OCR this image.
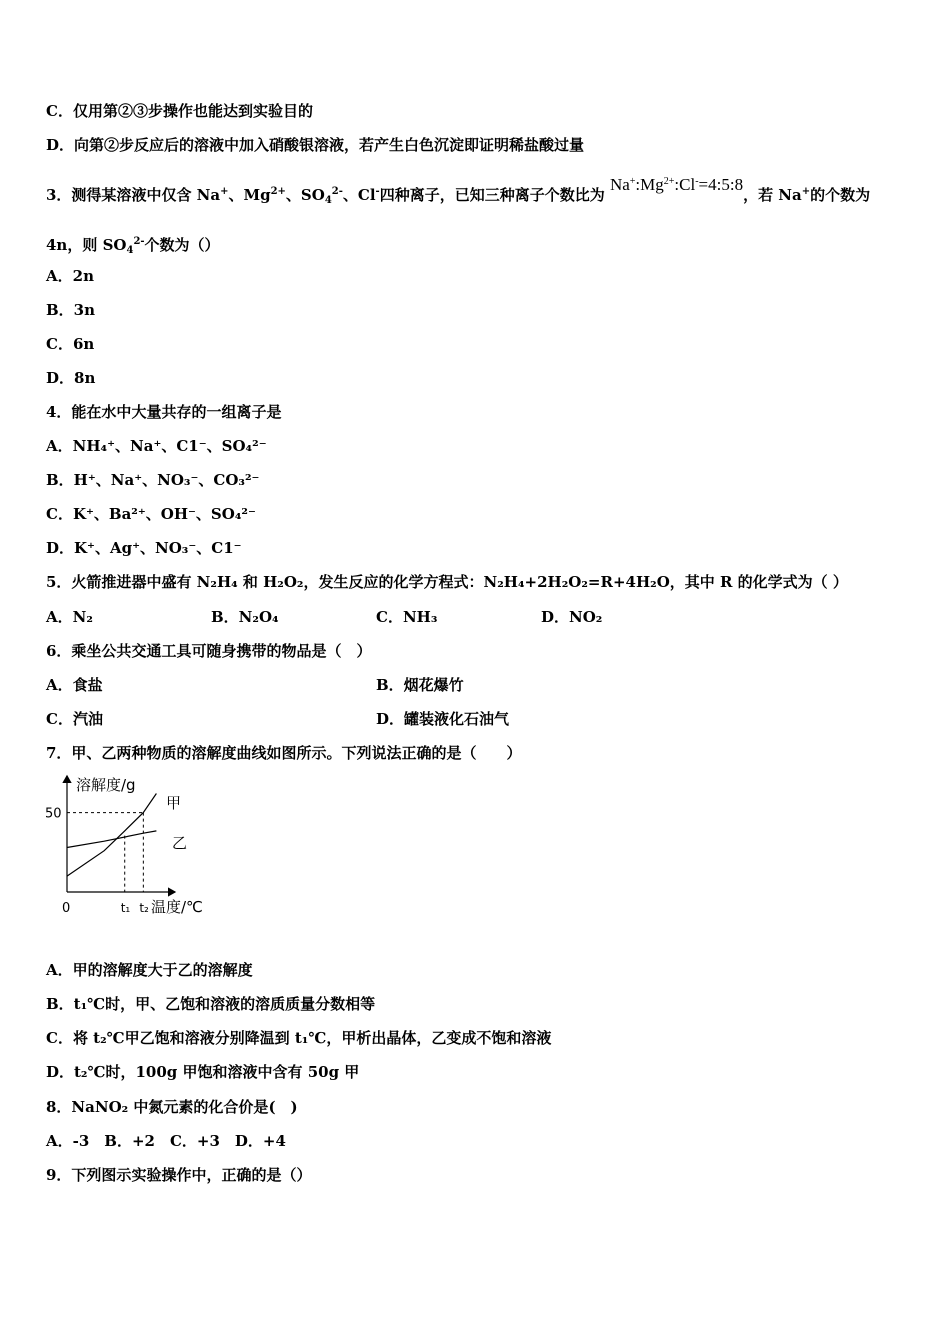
C．仅用第②③步操作也能达到实验目的
D．向第②步反应后的溶液中加入硝酸银溶液，若产生白色沉淀即证明稀盐酸过量
3．测得某溶液中仅含 Na+、$Mg^{2+}$、$SO_4^{2-}$、Cl-四种离子，已知三种离子个数比为 $Na^+:Mg^{2+}:Cl^-=4:5:8$，若 Na+的个数为
4n，则 $SO_4^{2-}$个数为（）
A．2n
B．3n
C．6n
D．8n
4．能在水中大量共存的一组离子是
A．NH₄⁺、Na⁺、C1⁻、SO₄²⁻
B．H⁺、Na⁺、NO₃⁻、CO₃²⁻
C．K⁺、Ba²⁺、OH⁻、SO₄²⁻
D．K⁺、Ag⁺、NO₃⁻、C1⁻
5．火箭推进器中盛有 N₂H₄ 和 H₂O₂，发生反应的化学方程式：N₂H₄+2H₂O₂=R+4H₂O，其中 R 的化学式为（ ）
A．N₂	B．N₂O₄	C．NH₃	D．NO₂
6．乘坐公共交通工具可随身携带的物品是（　）
A．食盐	B．烟花爆竹
C．汽油	D．罐装液化石油气
7．甲、乙两种物质的溶解度曲线如图所示。下列说法正确的是（　　）
溶解度/g
温度/℃
0
50
t₁ t₂
甲
乙
A．甲的溶解度大于乙的溶解度
B．t₁℃时，甲、乙饱和溶液的溶质质量分数相等
C．将 t₂℃甲乙饱和溶液分别降温到 t₁℃，甲析出晶体，乙变成不饱和溶液
D．t₂℃时，100g 甲饱和溶液中含有 50g 甲
8．NaNO₂ 中氮元素的化合价是(　)
A．-3　B．+2　C．+3　D．+4
9．下列图示实验操作中，正确的是（）
